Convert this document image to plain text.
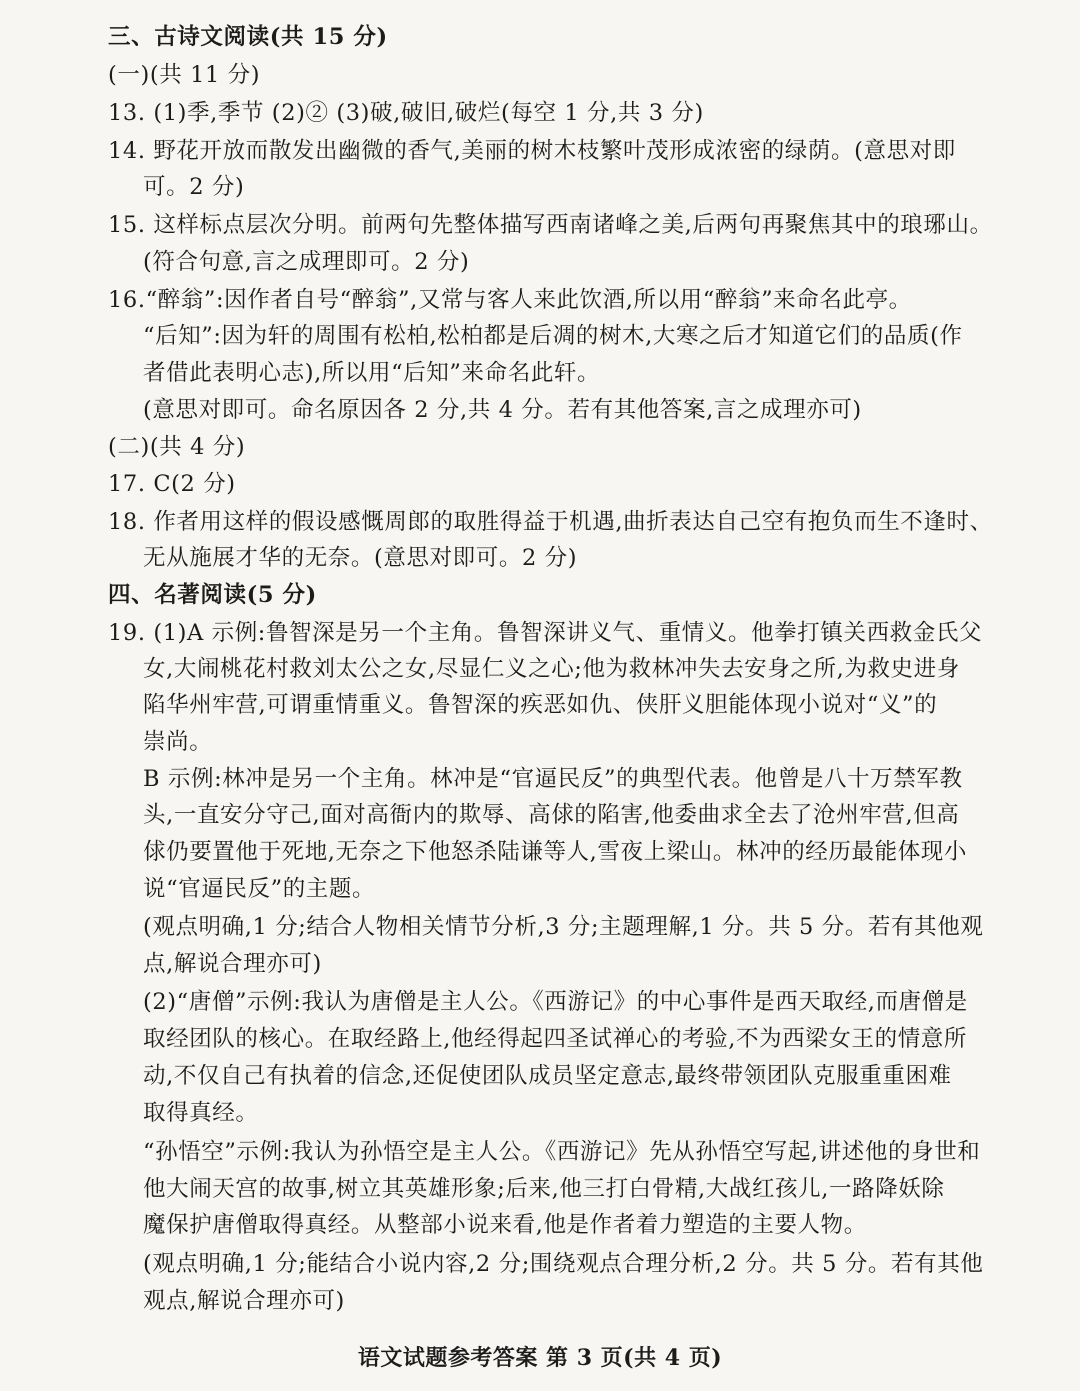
三、古诗文阅读(共 15 分)
(一)(共 11 分)
13. (1)季,季节 (2)② (3)破,破旧,破烂(每空 1 分,共 3 分)
14. 野花开放而散发出幽微的香气,美丽的树木枝繁叶茂形成浓密的绿荫。(意思对即
可。2 分)
15. 这样标点层次分明。前两句先整体描写西南诸峰之美,后两句再聚焦其中的琅琊山。
(符合句意,言之成理即可。2 分)
16.“醉翁”:因作者自号“醉翁”,又常与客人来此饮酒,所以用“醉翁”来命名此亭。
“后知”:因为轩的周围有松柏,松柏都是后凋的树木,大寒之后才知道它们的品质(作
者借此表明心志),所以用“后知”来命名此轩。
(意思对即可。命名原因各 2 分,共 4 分。若有其他答案,言之成理亦可)
(二)(共 4 分)
17. C(2 分)
18. 作者用这样的假设感慨周郎的取胜得益于机遇,曲折表达自己空有抱负而生不逢时、
无从施展才华的无奈。(意思对即可。2 分)
四、名著阅读(5 分)
19. (1)A 示例:鲁智深是另一个主角。鲁智深讲义气、重情义。他拳打镇关西救金氏父
女,大闹桃花村救刘太公之女,尽显仁义之心;他为救林冲失去安身之所,为救史进身
陷华州牢营,可谓重情重义。鲁智深的疾恶如仇、侠肝义胆能体现小说对“义”的
崇尚。
B 示例:林冲是另一个主角。林冲是“官逼民反”的典型代表。他曾是八十万禁军教
头,一直安分守己,面对高衙内的欺辱、高俅的陷害,他委曲求全去了沧州牢营,但高
俅仍要置他于死地,无奈之下他怒杀陆谦等人,雪夜上梁山。林冲的经历最能体现小
说“官逼民反”的主题。
(观点明确,1 分;结合人物相关情节分析,3 分;主题理解,1 分。共 5 分。若有其他观
点,解说合理亦可)
(2)“唐僧”示例:我认为唐僧是主人公。《西游记》的中心事件是西天取经,而唐僧是
取经团队的核心。在取经路上,他经得起四圣试禅心的考验,不为西梁女王的情意所
动,不仅自己有执着的信念,还促使团队成员坚定意志,最终带领团队克服重重困难
取得真经。
“孙悟空”示例:我认为孙悟空是主人公。《西游记》先从孙悟空写起,讲述他的身世和
他大闹天宫的故事,树立其英雄形象;后来,他三打白骨精,大战红孩儿,一路降妖除
魔保护唐僧取得真经。从整部小说来看,他是作者着力塑造的主要人物。
(观点明确,1 分;能结合小说内容,2 分;围绕观点合理分析,2 分。共 5 分。若有其他
观点,解说合理亦可)
语文试题参考答案 第 3 页(共 4 页)
